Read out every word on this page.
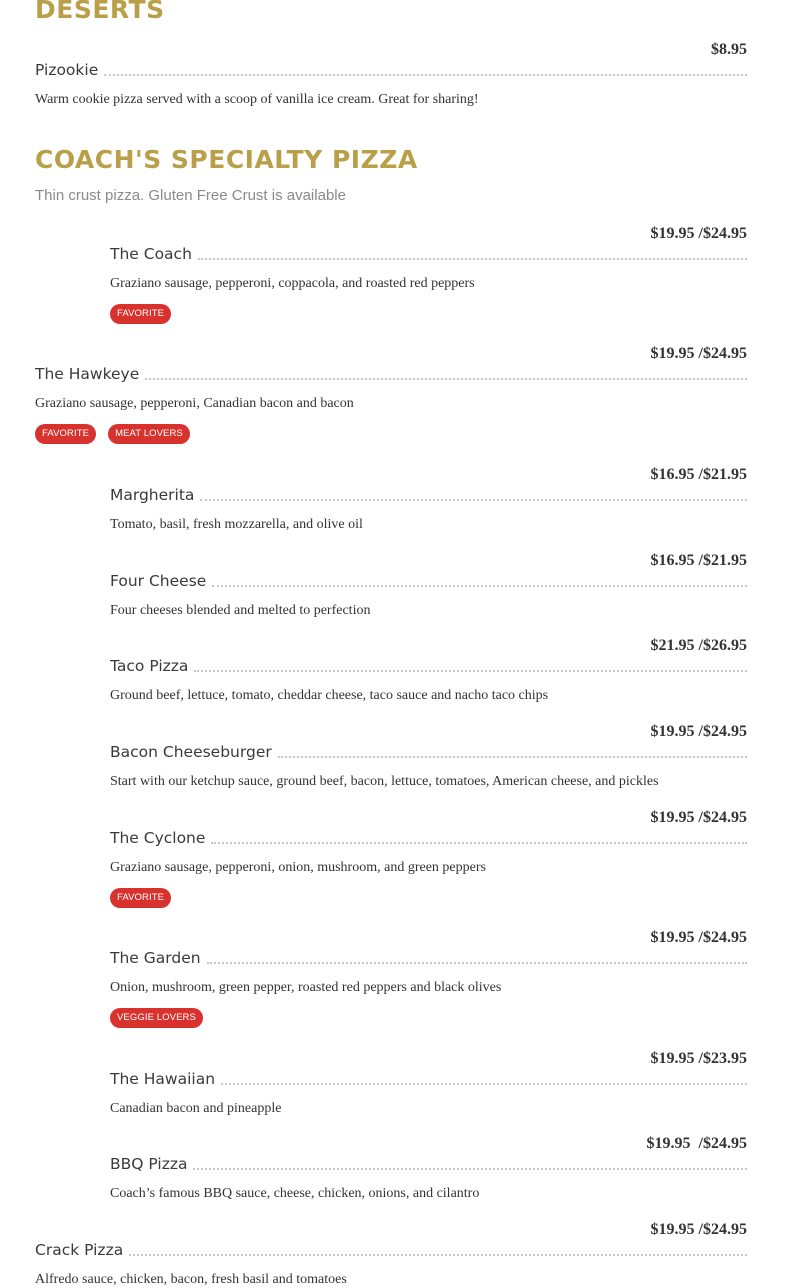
DESERTS
$8.95
Pizookie
Warm cookie pizza served with a scoop of vanilla ice cream. Great for sharing!
COACH'S SPECIALTY PIZZA

Thin crust pizza. Gluten Free Crust is available

$19.95 /$24.95
The Coach
Graziano sausage, pepperoni, coppacola, and roasted red peppers
FAVORITE
$19.95 /$24.95
The Hawkeye
Graziano sausage, pepperoni, Canadian bacon and bacon
FAVORITE	MEAT LOVERS
$16.95 /$21.95
Margherita
Tomato, basil, fresh mozzarella, and olive oil
$16.95 /$21.95
Four Cheese
Four cheeses blended and melted to perfection
$21.95 /$26.95
Taco Pizza
Ground beef, lettuce, tomato, cheddar cheese, taco sauce and nacho taco chips
$19.95 /$24.95
Bacon Cheeseburger
Start with our ketchup sauce, ground beef, bacon, lettuce, tomatoes, American cheese, and pickles
$19.95 /$24.95
The Cyclone
Graziano sausage, pepperoni, onion, mushroom, and green peppers
FAVORITE
$19.95 /$24.95
The Garden
Onion, mushroom, green pepper, roasted red peppers and black olives
VEGGIE LOVERS
$19.95 /$23.95
The Hawaiian
Canadian bacon and pineapple
$19.95  /$24.95
BBQ Pizza
Coach’s famous BBQ sauce, cheese, chicken, onions, and cilantro
$19.95 /$24.95
Crack Pizza
Alfredo sauce, chicken, bacon, fresh basil and tomatoes
